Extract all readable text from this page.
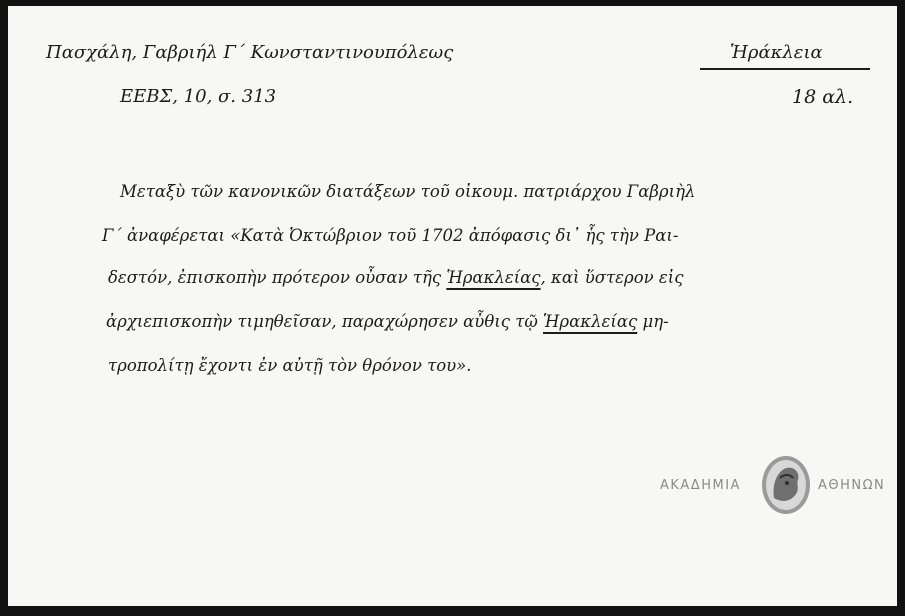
Πασχάλη, Γαβριήλ Γ΄ Κωνσταντινουπόλεως
ΕΕΒΣ, 10, σ. 313
Ἡράκλεια
18 αλ.
Μεταξὺ τῶν κανονικῶν διατάξεων τοῦ οἰκουμ. πατριάρχου Γαβριὴλ
Γ΄ ἀναφέρεται «Κατὰ Ὀκτώβριον τοῦ 1702 ἀπόφασις δι᾿ ἧς τὴν Ραι-
δεστόν, ἐπισκοπὴν πρότερον οὖσαν τῆς Ἡρακλείας, καὶ ὕστερον εἰς
ἀρχιεπισκοπὴν τιμηθεῖσαν, παραχώρησεν αὖθις τῷ Ἡρακλείας μη-
τροπολίτῃ ἔχοντι ἐν αὐτῇ τὸν θρόνον του».
ΑΚΑΔΗΜΙΑ	ΑΘΗΝΩΝ
